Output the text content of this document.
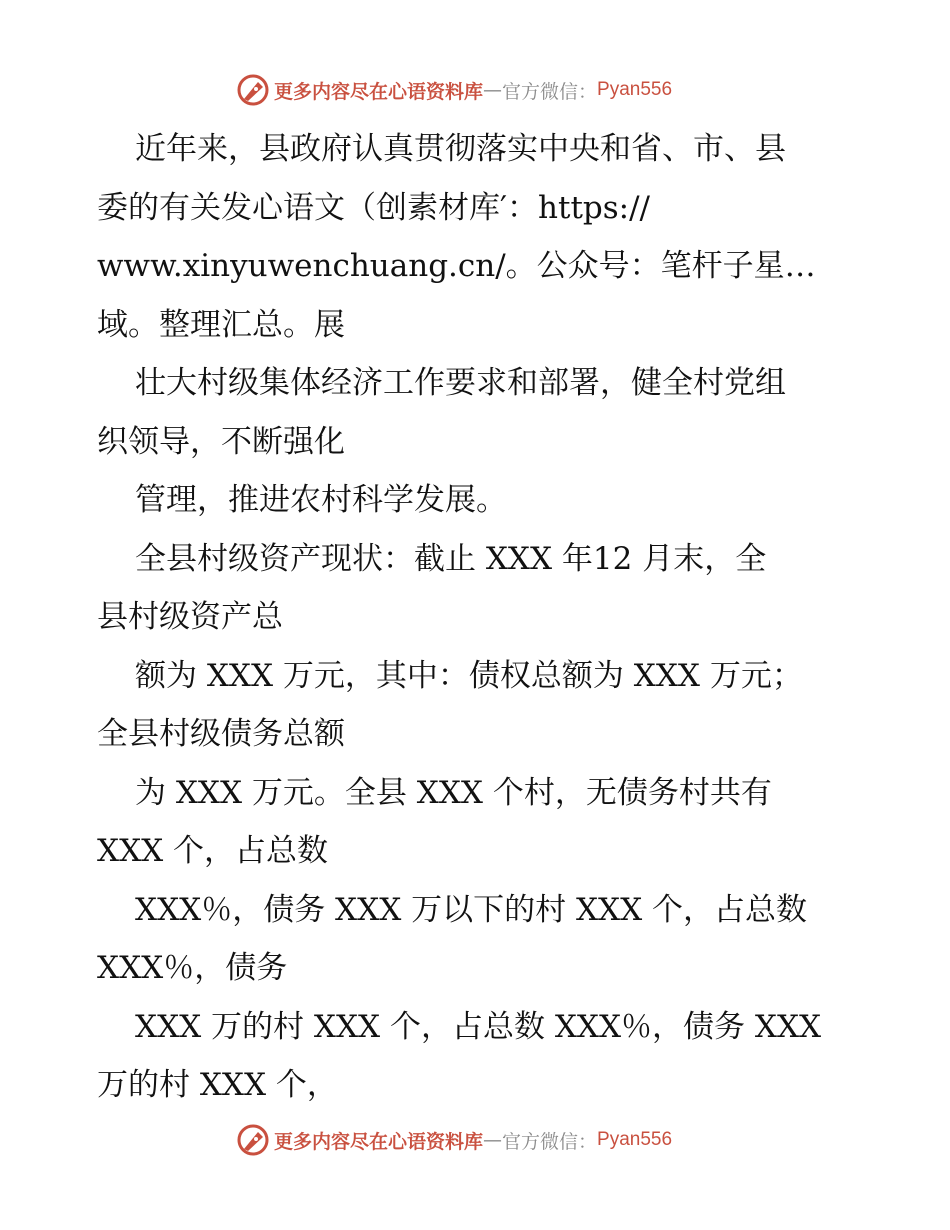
更多内容尽在心语资料库 — 官方微信： Pyan556
近年来，县政府认真贯彻落实中央和省、市、县
委的有关发心语文（创素材库′：https://
www.xinyuwenchuang.cn/。公众号：笔杆子星…
域。整理汇总。展
壮大村级集体经济工作要求和部署，健全村党组
织领导，不断强化
管理，推进农村科学发展。
全县村级资产现状：截止 XXX 年12 月末，全
县村级资产总
额为 XXX 万元，其中：债权总额为 XXX 万元；
全县村级债务总额
为 XXX 万元。全县 XXX 个村，无债务村共有
XXX 个，占总数
XXX％，债务 XXX 万以下的村 XXX 个，占总数
XXX％，债务
XXX 万的村 XXX 个，占总数 XXX％，债务 XXX
万的村 XXX 个，
更多内容尽在心语资料库 — 官方微信： Pyan556
